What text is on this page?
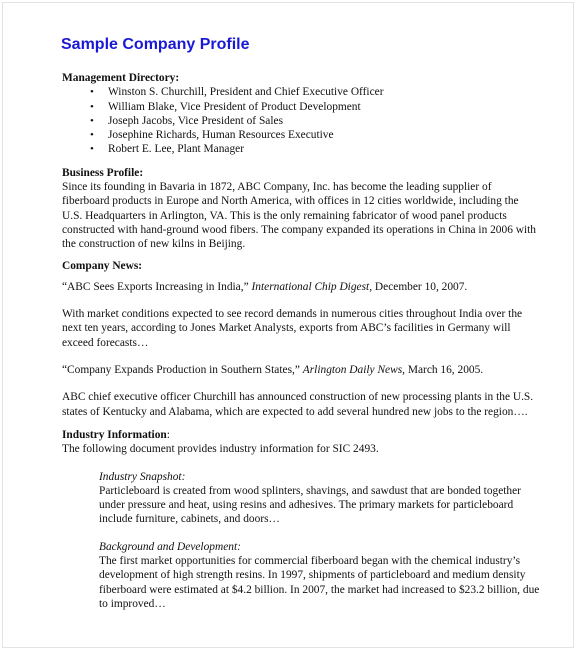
Sample Company Profile
Management Directory:
• Winston S. Churchill, President and Chief Executive Officer
• William Blake, Vice President of Product Development
• Joseph Jacobs, Vice President of Sales
• Josephine Richards, Human Resources Executive
• Robert E. Lee, Plant Manager
Business Profile:
Since its founding in Bavaria in 1872, ABC Company, Inc. has become the leading supplier of fiberboard products in Europe and North America, with offices in 12 cities worldwide, including the U.S. Headquarters in Arlington, VA. This is the only remaining fabricator of wood panel products constructed with hand-ground wood fibers. The company expanded its operations in China in 2006 with the construction of new kilns in Beijing.
Company News:
“ABC Sees Exports Increasing in India,” International Chip Digest, December 10, 2007.
With market conditions expected to see record demands in numerous cities throughout India over the next ten years, according to Jones Market Analysts, exports from ABC’s facilities in Germany will exceed forecasts…
“Company Expands Production in Southern States,” Arlington Daily News, March 16, 2005.
ABC chief executive officer Churchill has announced construction of new processing plants in the U.S. states of Kentucky and Alabama, which are expected to add several hundred new jobs to the region….
Industry Information:
The following document provides industry information for SIC 2493.
Industry Snapshot:
Particleboard is created from wood splinters, shavings, and sawdust that are bonded together under pressure and heat, using resins and adhesives. The primary markets for particleboard include furniture, cabinets, and doors…
Background and Development:
The first market opportunities for commercial fiberboard began with the chemical industry’s development of high strength resins. In 1997, shipments of particleboard and medium density fiberboard were estimated at $4.2 billion. In 2007, the market had increased to $23.2 billion, due to improved…
